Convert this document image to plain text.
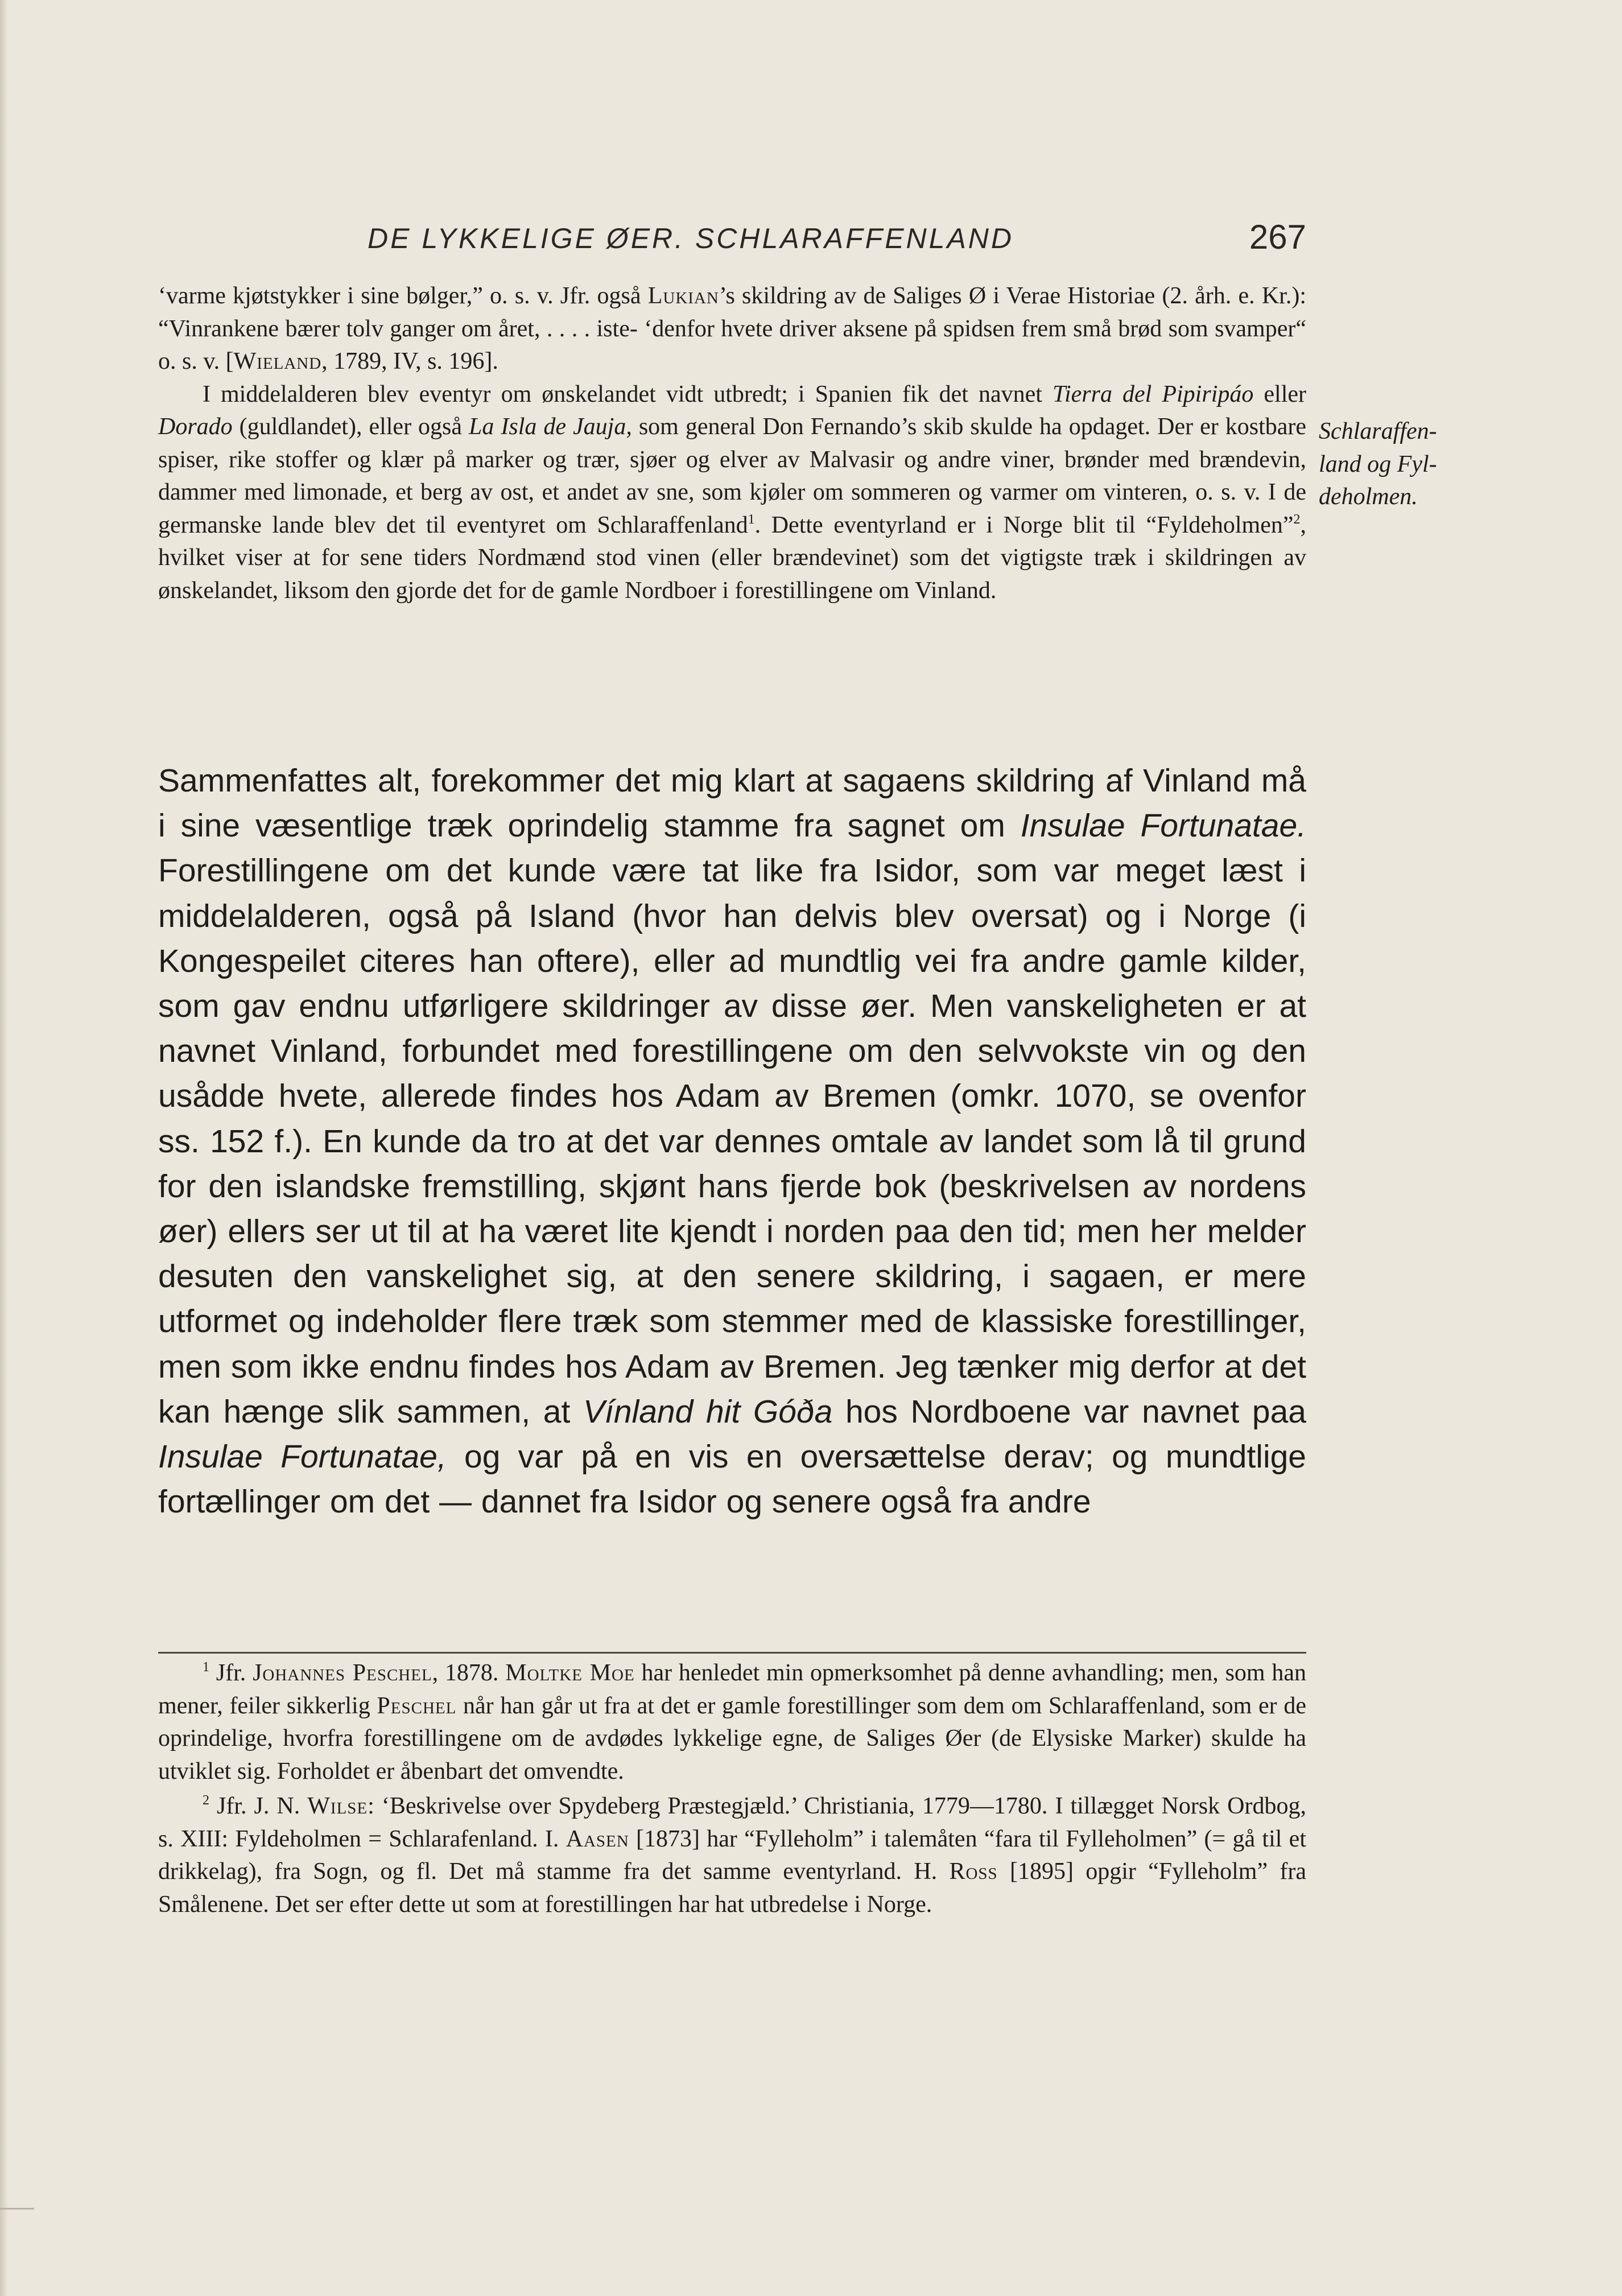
DE LYKKELIGE ØER. SCHLARAFFENLAND	267

‘varme kjøtstykker i sine bølger,” o. s. v. Jfr. også Lukian’s skildring av de Saliges Ø i Verae Historiae (2. årh. e. Kr.): “Vinrankene bærer tolv ganger om året, . . . . iste- ‘denfor hvete driver aksene på spidsen frem små brød som svamper“ o. s. v. [Wieland, 1789, IV, s. 196].

I middelalderen blev eventyr om ønskelandet vidt utbredt; i Spanien fik det navnet Tierra del Pipiripáo eller Dorado (guldlandet), eller også La Isla de Jauja, som general Don Fernando’s skib skulde ha opdaget. Der er kostbare spiser, rike stoffer og klær på marker og trær, sjøer og elver av Malvasir og andre viner, brønder med brændevin, dammer med limonade, et berg av ost, et andet av sne, som kjøler om sommeren og varmer om vinteren, o. s. v. I de germanske lande blev det til eventyret om Schlaraffenland$^1$. Dette eventyrland er i Norge blit til “Fyldeholmen”$^2$, hvilket viser at for sene tiders Nordmænd stod vinen (eller brændevinet) som det vigtigste træk i skildringen av ønskelandet, liksom den gjorde det for de gamle Nordboer i forestillingene om Vinland.

Schlaraffen-
land og Fyl-
deholmen.

Sammenfattes alt, forekommer det mig klart at sagaens skildring af Vinland må i sine væsentlige træk oprindelig stamme fra sagnet om Insulae Fortunatae. Forestillingene om det kunde være tat like fra Isidor, som var meget læst i middelalderen, også på Island (hvor han delvis blev oversat) og i Norge (i Kongespeilet citeres han oftere), eller ad mundtlig vei fra andre gamle kilder, som gav endnu utførligere skildringer av disse øer. Men vanskeligheten er at navnet Vinland, forbundet med forestillingene om den selvvokste vin og den usådde hvete, allerede findes hos Adam av Bremen (omkr. 1070, se ovenfor ss. 152 f.). En kunde da tro at det var dennes omtale av landet som lå til grund for den islandske fremstilling, skjønt hans fjerde bok (beskrivelsen av nordens øer) ellers ser ut til at ha været lite kjendt i norden paa den tid; men her melder desuten den vanskelighet sig, at den senere skildring, i sagaen, er mere utformet og indeholder flere træk som stemmer med de klassiske forestillinger, men som ikke endnu findes hos Adam av Bremen. Jeg tænker mig derfor at det kan hænge slik sammen, at Vínland hit Góða hos Nordboene var navnet paa Insulae Fortunatae, og var på en vis en oversættelse derav; og mundtlige fortællinger om det — dannet fra Isidor og senere også fra andre

$^1$ Jfr. Johannes Peschel, 1878. Moltke Moe har henledet min opmerksomhet på denne avhandling; men, som han mener, feiler sikkerlig Peschel når han går ut fra at det er gamle forestillinger som dem om Schlaraffenland, som er de oprindelige, hvorfra forestillingene om de avdødes lykkelige egne, de Saliges Øer (de Elysiske Marker) skulde ha utviklet sig. Forholdet er åbenbart det omvendte.

$^2$ Jfr. J. N. Wilse: ‘Beskrivelse over Spydeberg Præstegjæld.’ Christiania, 1779—1780. I tillægget Norsk Ordbog, s. XIII: Fyldeholmen = Schlarafenland. I. Aasen [1873] har “Fylleholm” i talemåten “fara til Fylleholmen” (= gå til et drikkelag), fra Sogn, og fl. Det må stamme fra det samme eventyrland. H. Ross [1895] opgir “Fylleholm” fra Smålenene. Det ser efter dette ut som at forestillingen har hat utbredelse i Norge.
